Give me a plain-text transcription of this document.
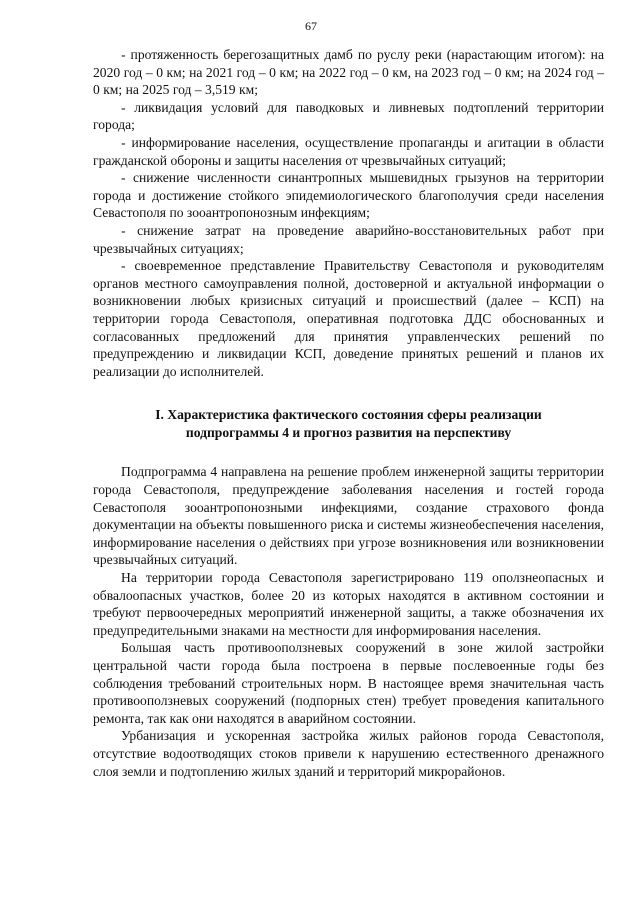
67

- протяженность берегозащитных дамб по руслу реки (нарастающим итогом): на 2020 год – 0 км; на 2021 год – 0 км; на 2022 год – 0 км, на 2023 год – 0 км; на 2024 год – 0 км; на 2025 год – 3,519 км;

- ликвидация условий для паводковых и ливневых подтоплений территории города;

- информирование населения, осуществление пропаганды и агитации в области гражданской обороны и защиты населения от чрезвычайных ситуаций;

- снижение численности синантропных мышевидных грызунов на территории города и достижение стойкого эпидемиологического благополучия среди населения Севастополя по зооантропонозным инфекциям;

- снижение затрат на проведение аварийно-восстановительных работ при чрезвычайных ситуациях;

- своевременное представление Правительству Севастополя и руководителям органов местного самоуправления полной, достоверной и актуальной информации о возникновении любых кризисных ситуаций и происшествий (далее – КСП) на территории города Севастополя, оперативная подготовка ДДС обоснованных и согласованных предложений для принятия управленческих решений по предупреждению и ликвидации КСП, доведение принятых решений и планов их реализации до исполнителей.

I. Характеристика фактического состояния сферы реализации
подпрограммы 4 и прогноз развития на перспективу

Подпрограмма 4 направлена на решение проблем инженерной защиты территории города Севастополя, предупреждение заболевания населения и гостей города Севастополя зооантропонозными инфекциями, создание страхового фонда документации на объекты повышенного риска и системы жизнеобеспечения населения, информирование населения о действиях при угрозе возникновения или возникновении чрезвычайных ситуаций.

На территории города Севастополя зарегистрировано 119 оползнеопасных и обвалоопасных участков, более 20 из которых находятся в активном состоянии и требуют первоочередных мероприятий инженерной защиты, а также обозначения их предупредительными знаками на местности для информирования населения.

Большая часть противооползневых сооружений в зоне жилой застройки центральной части города была построена в первые послевоенные годы без соблюдения требований строительных норм. В настоящее время значительная часть противооползневых сооружений (подпорных стен) требует проведения капитального ремонта, так как они находятся в аварийном состоянии.

Урбанизация и ускоренная застройка жилых районов города Севастополя, отсутствие водоотводящих стоков привели к нарушению естественного дренажного слоя земли и подтоплению жилых зданий и территорий микрорайонов.
